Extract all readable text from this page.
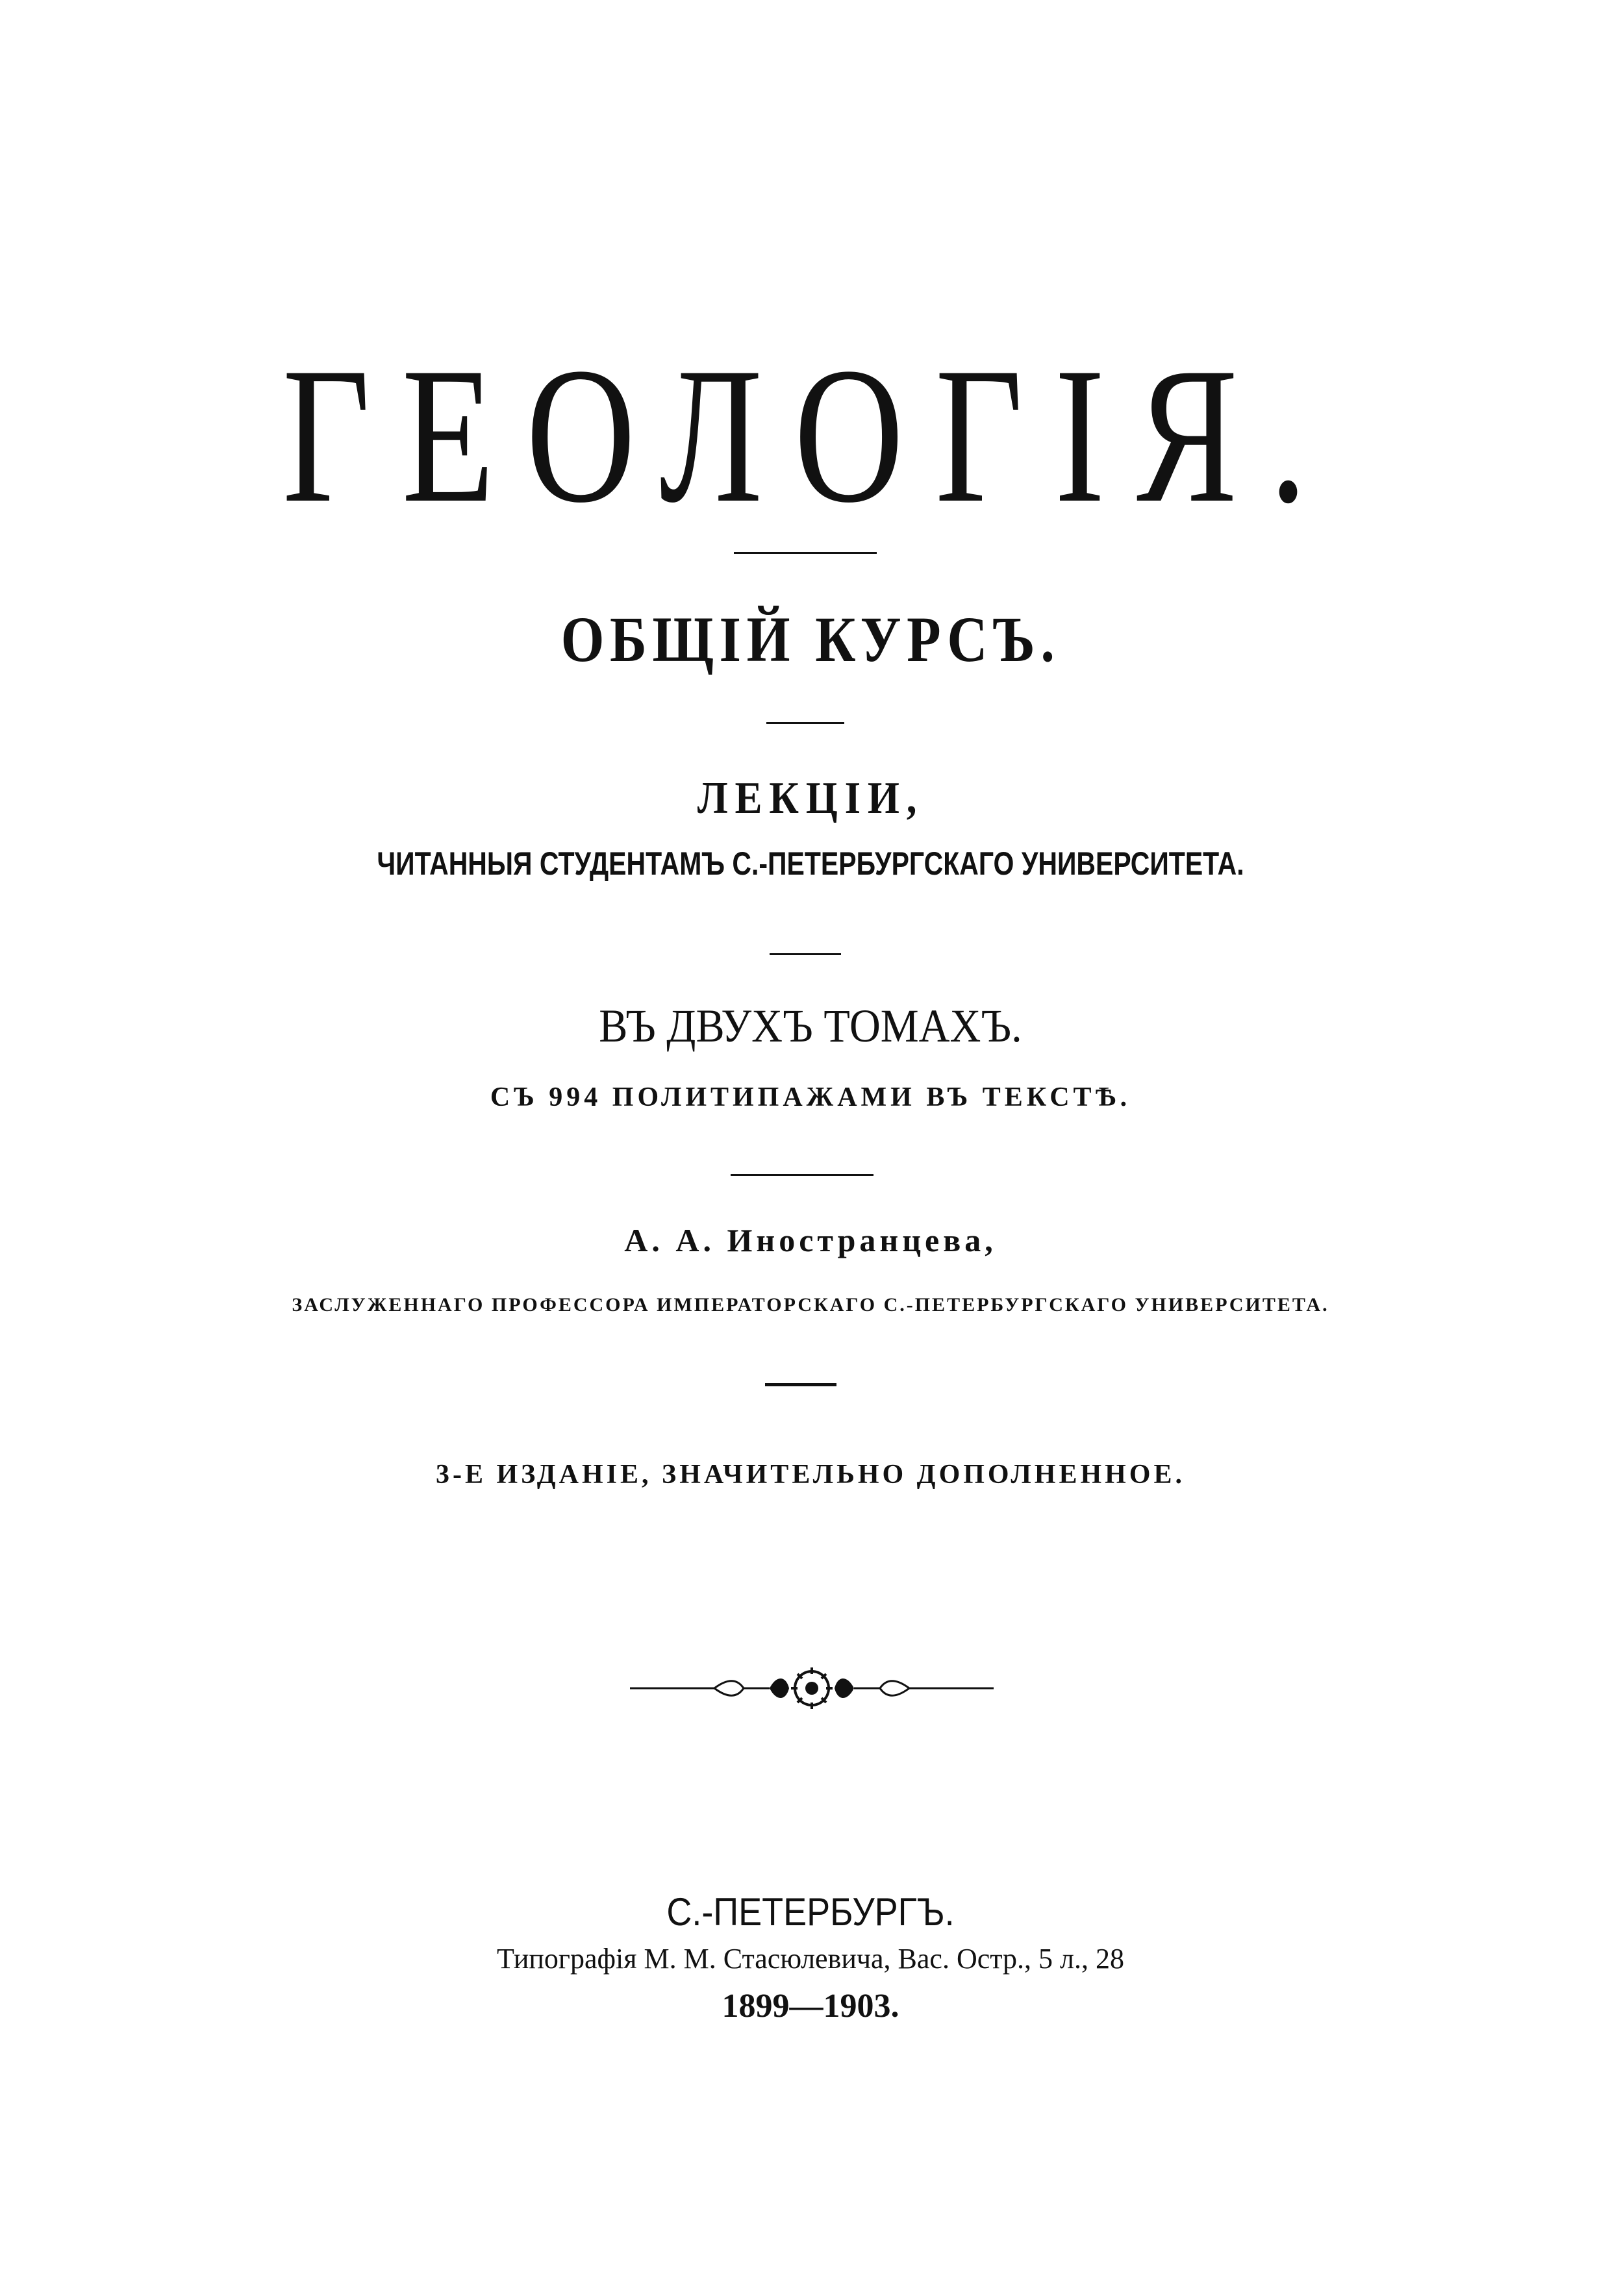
ГЕОЛОГІЯ.
ОБЩІЙ КУРСЪ.
ЛЕКЦІИ,
ЧИТАННЫЯ СТУДЕНТАМЪ С.-ПЕТЕРБУРГСКАГО УНИВЕРСИТЕТА.
ВЪ ДВУХЪ ТОМАХЪ.
СЪ 994 ПОЛИТИПАЖАМИ ВЪ ТЕКСТѢ.
А. А. Иностранцева,
ЗАСЛУЖЕННАГО ПРОФЕССОРА ИМПЕРАТОРСКАГО С.-ПЕТЕРБУРГСКАГО УНИВЕРСИТЕТА.
3-Е ИЗДАНІЕ, ЗНАЧИТЕЛЬНО ДОПОЛНЕННОЕ.
С.-ПЕТЕРБУРГЪ.
Типографія М. М. Стасюлевича, Вас. Остр., 5 л., 28
1899—1903.
